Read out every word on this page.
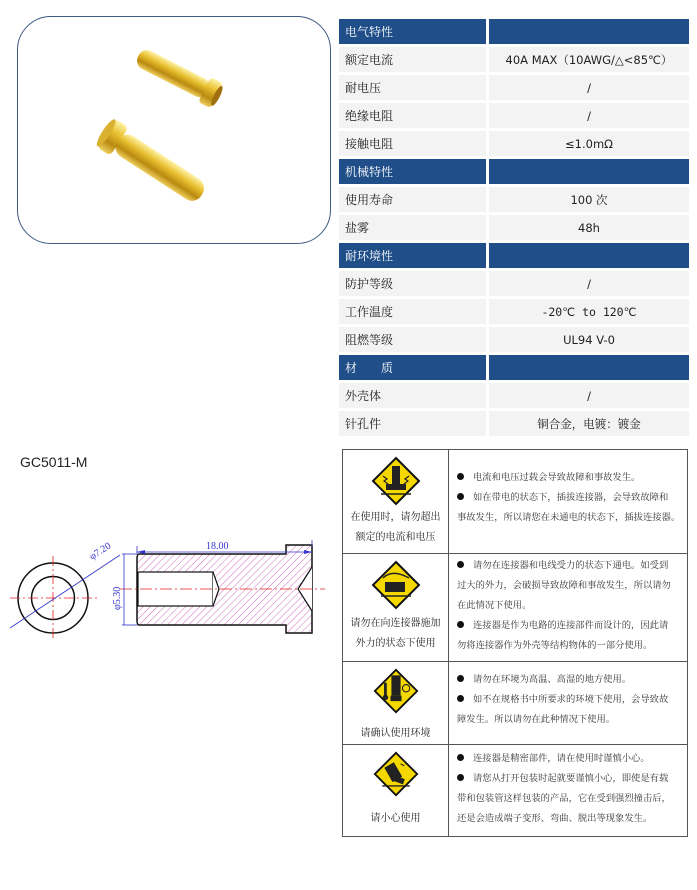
电气特性
额定电流	40A MAX（10AWG/△<85℃）
耐电压	/
绝缘电阻	/
接触电阻	≤1.0mΩ
机械特性
使用寿命	100 次
盐雾	48h
耐环境性
防护等级	/
工作温度	-20℃ to 120℃
阻燃等级	UL94 V-0
材　　质
外壳体	/
针孔件	铜合金，电镀：镀金
GC5011-M
φ7.20	18.00
φ5.30
在使用时，请勿超出
额定的电流和电压	电流和电压过载会导致故障和事故发生。
如在带电的状态下，插拔连接器，会导致故障和
事故发生，所以请您在未通电的状态下，插拔连接器。

请勿在向连接器施加
外力的状态下使用	请勿在连接器和电线受力的状态下通电。如受到
过大的外力，会破损导致故障和事故发生，所以请勿
在此情况下使用。
连接器是作为电路的连接部件而设计的，因此请
勿将连接器作为外壳等结构物体的一部分使用。

请确认使用环境	请勿在环境为高温、高湿的地方使用。
如不在规格书中所要求的环境下使用，会导致故
障发生。所以请勿在此种情况下使用。

请小心使用	连接器是精密部件，请在使用时谨慎小心。
请您从打开包装时起就要谨慎小心，即使是有载
带和包装管这样包装的产品，它在受到强烈撞击后，
还是会造成端子变形、弯曲、脱出等现象发生。
